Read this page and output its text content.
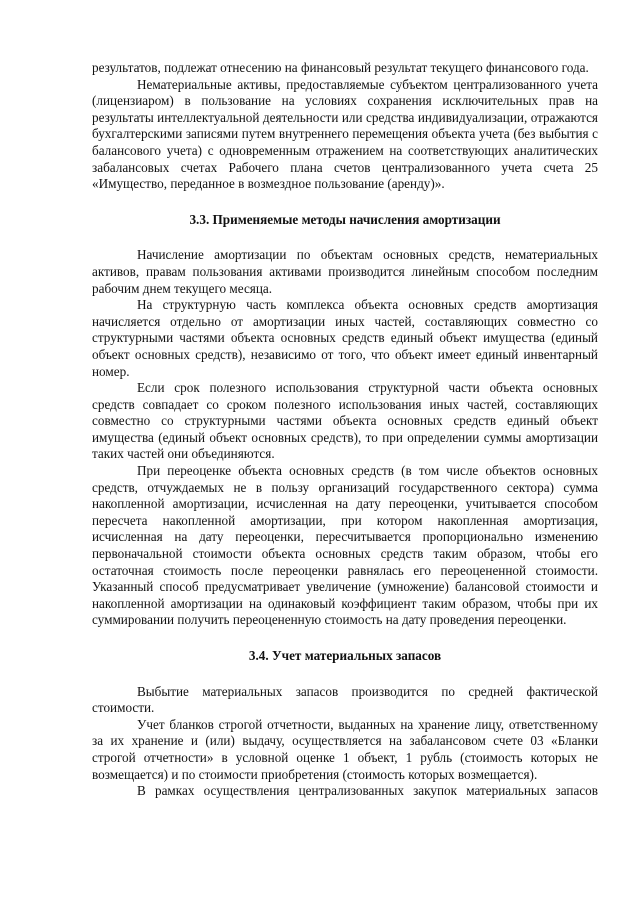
результатов, подлежат отнесению на финансовый результат текущего финансового года.

Нематериальные активы, предоставляемые субъектом централизованного учета (лицензиаром) в пользование на условиях сохранения исключительных прав на результаты интеллектуальной деятельности или средства индивидуализации, отражаются бухгалтерскими записями путем внутреннего перемещения объекта учета (без выбытия с балансового учета) с одновременным отражением на соответствующих аналитических забалансовых счетах Рабочего плана счетов централизованного учета счета 25 «Имущество, переданное в возмездное пользование (аренду)».

3.3. Применяемые методы начисления амортизации

Начисление амортизации по объектам основных средств, нематериальных активов, правам пользования активами производится линейным способом последним рабочим днем текущего месяца.

На структурную часть комплекса объекта основных средств амортизация начисляется отдельно от амортизации иных частей, составляющих совместно со структурными частями объекта основных средств единый объект имущества (единый объект основных средств), независимо от того, что объект имеет единый инвентарный номер.

Если срок полезного использования структурной части объекта основных средств совпадает со сроком полезного использования иных частей, составляющих совместно со структурными частями объекта основных средств единый объект имущества (единый объект основных средств), то при определении суммы амортизации таких частей они объединяются.

При переоценке объекта основных средств (в том числе объектов основных средств, отчуждаемых не в пользу организаций государственного сектора) сумма накопленной амортизации, исчисленная на дату переоценки, учитывается способом пересчета накопленной амортизации, при котором накопленная амортизация, исчисленная на дату переоценки, пересчитывается пропорционально изменению первоначальной стоимости объекта основных средств таким образом, чтобы его остаточная стоимость после переоценки равнялась его переоцененной стоимости. Указанный способ предусматривает увеличение (умножение) балансовой стоимости и накопленной амортизации на одинаковый коэффициент таким образом, чтобы при их суммировании получить переоцененную стоимость на дату проведения переоценки.

3.4. Учет материальных запасов

Выбытие материальных запасов производится по средней фактической стоимости.

Учет бланков строгой отчетности, выданных на хранение лицу, ответственному за их хранение и (или) выдачу, осуществляется на забалансовом счете 03 «Бланки строгой отчетности» в условной оценке 1 объект, 1 рубль (стоимость которых не возмещается) и по стоимости приобретения (стоимость которых возмещается).

В рамках осуществления централизованных закупок материальных запасов
